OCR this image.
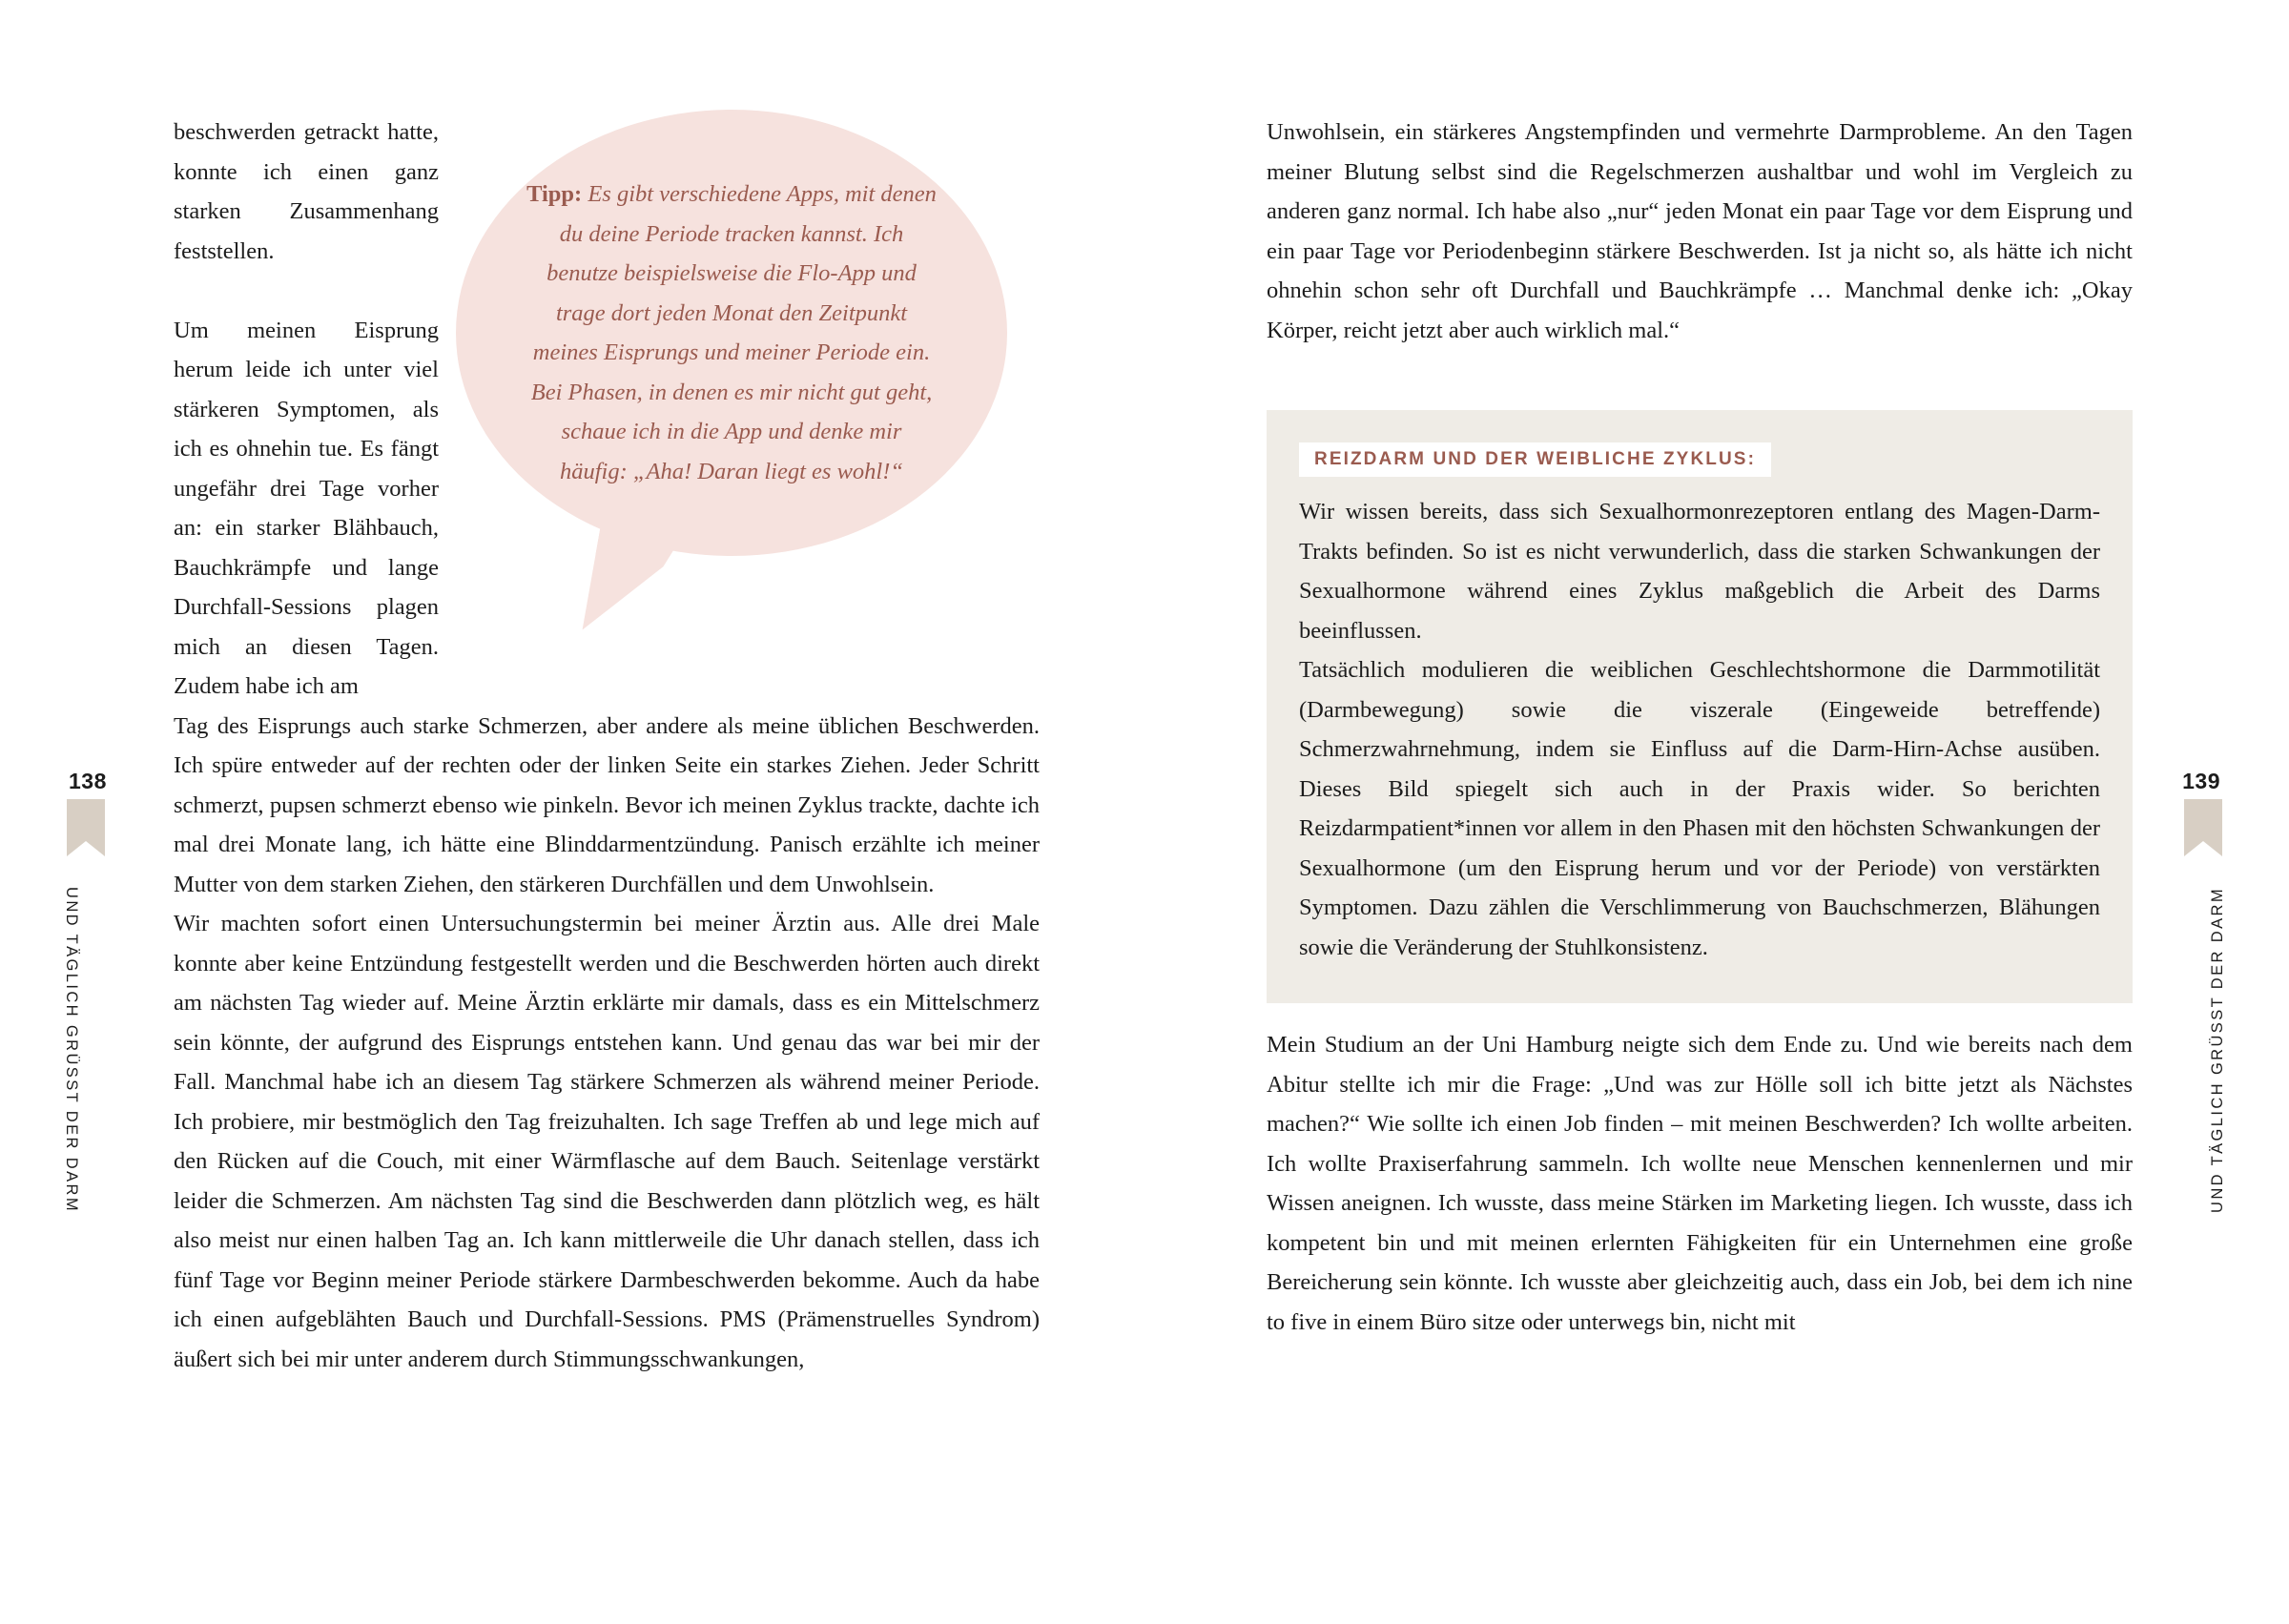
138
UND TÄGLICH GRÜSST DER DARM

beschwerden getrackt hatte, konnte ich einen ganz starken Zusammenhang feststellen.

Um meinen Eisprung herum leide ich unter viel stärkeren Symptomen, als ich es ohnehin tue. Es fängt ungefähr drei Tage vorher an: ein starker Blähbauch, Bauchkrämpfe und lange Durchfall-Sessions plagen mich an diesen Tagen. Zudem habe ich am

Tag des Eisprungs auch starke Schmerzen, aber andere als meine üblichen Beschwerden. Ich spüre entweder auf der rechten oder der linken Seite ein starkes Ziehen. Jeder Schritt schmerzt, pupsen schmerzt ebenso wie pinkeln. Bevor ich meinen Zyklus trackte, dachte ich mal drei Monate lang, ich hätte eine Blinddarmentzündung. Panisch erzählte ich meiner Mutter von dem starken Ziehen, den stärkeren Durchfällen und dem Unwohlsein.

Wir machten sofort einen Untersuchungstermin bei meiner Ärztin aus. Alle drei Male konnte aber keine Entzündung festgestellt werden und die Beschwerden hörten auch direkt am nächsten Tag wieder auf. Meine Ärztin erklärte mir damals, dass es ein Mittelschmerz sein könnte, der aufgrund des Eisprungs entstehen kann. Und genau das war bei mir der Fall. Manchmal habe ich an diesem Tag stärkere Schmerzen als während meiner Periode. Ich probiere, mir bestmöglich den Tag freizuhalten. Ich sage Treffen ab und lege mich auf den Rücken auf die Couch, mit einer Wärmflasche auf dem Bauch. Seitenlage verstärkt leider die Schmerzen. Am nächsten Tag sind die Beschwerden dann plötzlich weg, es hält also meist nur einen halben Tag an. Ich kann mittlerweile die Uhr danach stellen, dass ich fünf Tage vor Beginn meiner Periode stärkere Darmbeschwerden bekomme. Auch da habe ich einen aufgeblähten Bauch und Durchfall-Sessions. PMS (Prämenstruelles Syndrom) äußert sich bei mir unter anderem durch Stimmungsschwankungen,

Tipp: Es gibt verschiedene Apps, mit denen du deine Periode tracken kannst. Ich benutze beispielsweise die Flo-App und trage dort jeden Monat den Zeitpunkt meines Eisprungs und meiner Periode ein. Bei Phasen, in denen es mir nicht gut geht, schaue ich in die App und denke mir häufig: „Aha! Daran liegt es wohl!“
139
UND TÄGLICH GRÜSST DER DARM

Unwohlsein, ein stärkeres Angstempfinden und vermehrte Darmprobleme. An den Tagen meiner Blutung selbst sind die Regelschmerzen aushaltbar und wohl im Vergleich zu anderen ganz normal. Ich habe also „nur“ jeden Monat ein paar Tage vor dem Eisprung und ein paar Tage vor Periodenbeginn stärkere Beschwerden. Ist ja nicht so, als hätte ich nicht ohnehin schon sehr oft Durchfall und Bauchkrämpfe … Manchmal denke ich: „Okay Körper, reicht jetzt aber auch wirklich mal.“

REIZDARM UND DER WEIBLICHE ZYKLUS:

Wir wissen bereits, dass sich Sexualhormonrezeptoren entlang des Magen-Darm-Trakts befinden. So ist es nicht verwunderlich, dass die starken Schwankungen der Sexualhormone während eines Zyklus maßgeblich die Arbeit des Darms beeinflussen.

Tatsächlich modulieren die weiblichen Geschlechtshormone die Darmmotilität (Darmbewegung) sowie die viszerale (Eingeweide betreffende) Schmerzwahrnehmung, indem sie Einfluss auf die Darm-Hirn-Achse ausüben. Dieses Bild spiegelt sich auch in der Praxis wider. So berichten Reizdarmpatient*innen vor allem in den Phasen mit den höchsten Schwankungen der Sexualhormone (um den Eisprung herum und vor der Periode) von verstärkten Symptomen. Dazu zählen die Verschlimmerung von Bauchschmerzen, Blähungen sowie die Veränderung der Stuhlkonsistenz.

Mein Studium an der Uni Hamburg neigte sich dem Ende zu. Und wie bereits nach dem Abitur stellte ich mir die Frage: „Und was zur Hölle soll ich bitte jetzt als Nächstes machen?“ Wie sollte ich einen Job finden – mit meinen Beschwerden? Ich wollte arbeiten. Ich wollte Praxiserfahrung sammeln. Ich wollte neue Menschen kennenlernen und mir Wissen aneignen. Ich wusste, dass meine Stärken im Marketing liegen. Ich wusste, dass ich kompetent bin und mit meinen erlernten Fähigkeiten für ein Unternehmen eine große Bereicherung sein könnte. Ich wusste aber gleichzeitig auch, dass ein Job, bei dem ich nine to five in einem Büro sitze oder unterwegs bin, nicht mit
